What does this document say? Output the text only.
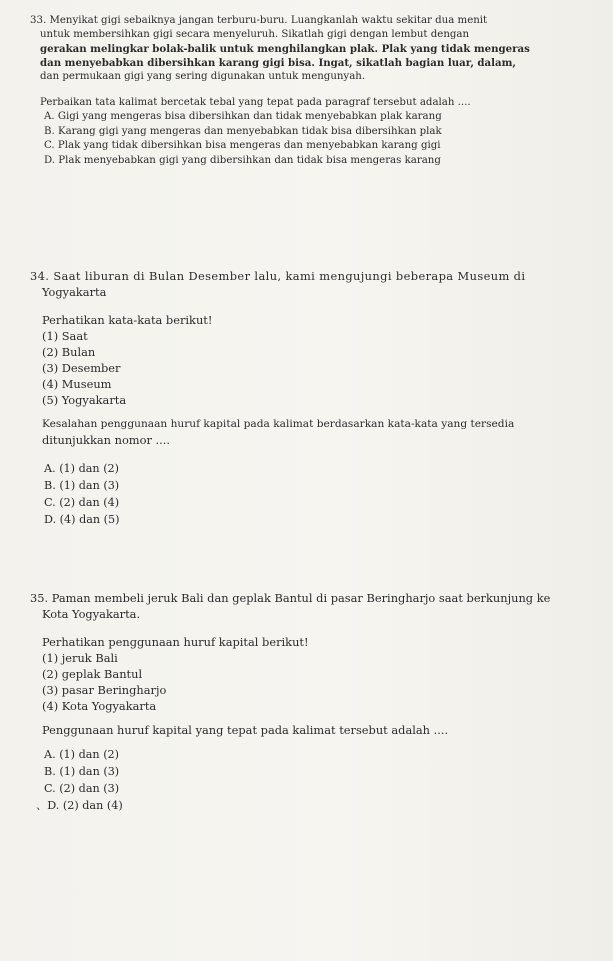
33. Menyikat gigi sebaiknya jangan terburu-buru. Luangkanlah waktu sekitar dua menit
untuk membersihkan gigi secara menyeluruh. Sikatlah gigi dengan lembut dengan
gerakan melingkar bolak-balik untuk menghilangkan plak. Plak yang tidak mengeras
dan menyebabkan dibersihkan karang gigi bisa. Ingat, sikatlah bagian luar, dalam,
dan permukaan gigi yang sering digunakan untuk mengunyah.
Perbaikan tata kalimat bercetak tebal yang tepat pada paragraf tersebut adalah ....
A. Gigi yang mengeras bisa dibersihkan dan tidak menyebabkan plak karang
B. Karang gigi yang mengeras dan menyebabkan tidak bisa dibersihkan plak
C. Plak yang tidak dibersihkan bisa mengeras dan menyebabkan karang gigi
D. Plak menyebabkan gigi yang dibersihkan dan tidak bisa mengeras karang
34. Saat liburan di Bulan Desember lalu, kami mengujungi beberapa Museum di
Yogyakarta
Perhatikan kata-kata berikut!
(1) Saat
(2) Bulan
(3) Desember
(4) Museum
(5) Yogyakarta
Kesalahan penggunaan huruf kapital pada kalimat berdasarkan kata-kata yang tersedia
ditunjukkan nomor ....
A. (1) dan (2)
B. (1) dan (3)
C. (2) dan (4)
D. (4) dan (5)
35. Paman membeli jeruk Bali dan geplak Bantul di pasar Beringharjo saat berkunjung ke
Kota Yogyakarta.
Perhatikan penggunaan huruf kapital berikut!
(1) jeruk Bali
(2) geplak Bantul
(3) pasar Beringharjo
(4) Kota Yogyakarta
Penggunaan huruf kapital yang tepat pada kalimat tersebut adalah ....
A. (1) dan (2)
B. (1) dan (3)
C. (2) dan (3)
、D. (2) dan (4)
